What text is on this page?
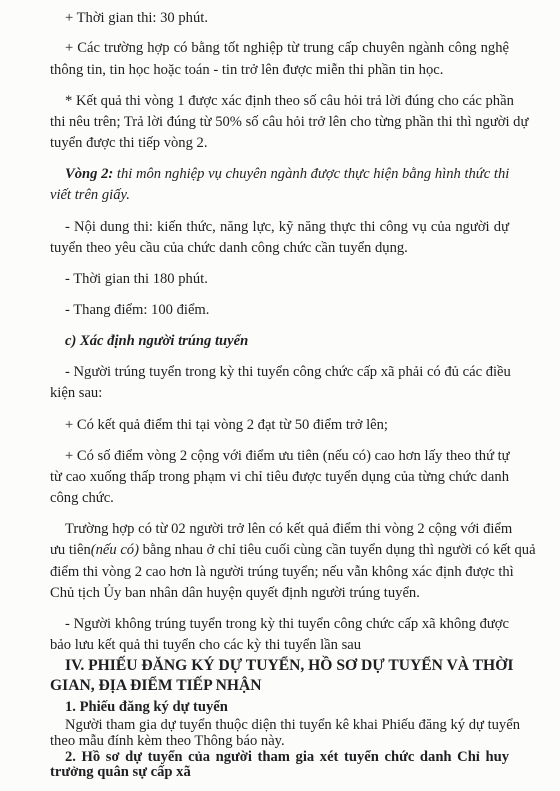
+ Thời gian thi: 30 phút.
+ Các trường hợp có bằng tốt nghiệp từ trung cấp chuyên ngành công nghệ
thông tin, tin học hoặc toán - tin trở lên được miễn thi phần tin học.
* Kết quả thi vòng 1 được xác định theo số câu hỏi trả lời đúng cho các phần
thi nêu trên; Trả lời đúng từ 50% số câu hỏi trở lên cho từng phần thi thì người dự
tuyển được thi tiếp vòng 2.
Vòng 2: thi môn nghiệp vụ chuyên ngành được thực hiện bằng hình thức thi
viết trên giấy.
- Nội dung thi: kiến thức, năng lực, kỹ năng thực thi công vụ của người dự
tuyển theo yêu cầu của chức danh công chức cần tuyển dụng.
- Thời gian thi 180 phút.
- Thang điểm: 100 điểm.
c) Xác định người trúng tuyển
- Người trúng tuyển trong kỳ thi tuyển công chức cấp xã phải có đủ các điều
kiện sau:
+ Có kết quả điểm thi tại vòng 2 đạt từ 50 điểm trở lên;
+ Có số điểm vòng 2 cộng với điểm ưu tiên (nếu có) cao hơn lấy theo thứ tự
từ cao xuống thấp trong phạm vi chỉ tiêu được tuyển dụng của từng chức danh
công chức.
Trường hợp có từ 02 người trở lên có kết quả điểm thi vòng 2 cộng với điểm
ưu tiên(nếu có) bằng nhau ở chỉ tiêu cuối cùng cần tuyển dụng thì người có kết quả
điểm thi vòng 2 cao hơn là người trúng tuyển; nếu vẫn không xác định được thì
Chủ tịch Ủy ban nhân dân huyện quyết định người trúng tuyển.
- Người không trúng tuyển trong kỳ thi tuyển công chức cấp xã không được
bảo lưu kết quả thi tuyển cho các kỳ thi tuyển lần sau
IV. PHIẾU ĐĂNG KÝ DỰ TUYỂN, HỒ SƠ DỰ TUYỂN VÀ THỜI
GIAN, ĐỊA ĐIỂM TIẾP NHẬN
1. Phiếu đăng ký dự tuyển
Người tham gia dự tuyển thuộc diện thi tuyển kê khai Phiếu đăng ký dự tuyển
theo mẫu đính kèm theo Thông báo này.
2. Hồ sơ dự tuyển của người tham gia xét tuyển chức danh Chỉ huy
trưởng quân sự cấp xã
